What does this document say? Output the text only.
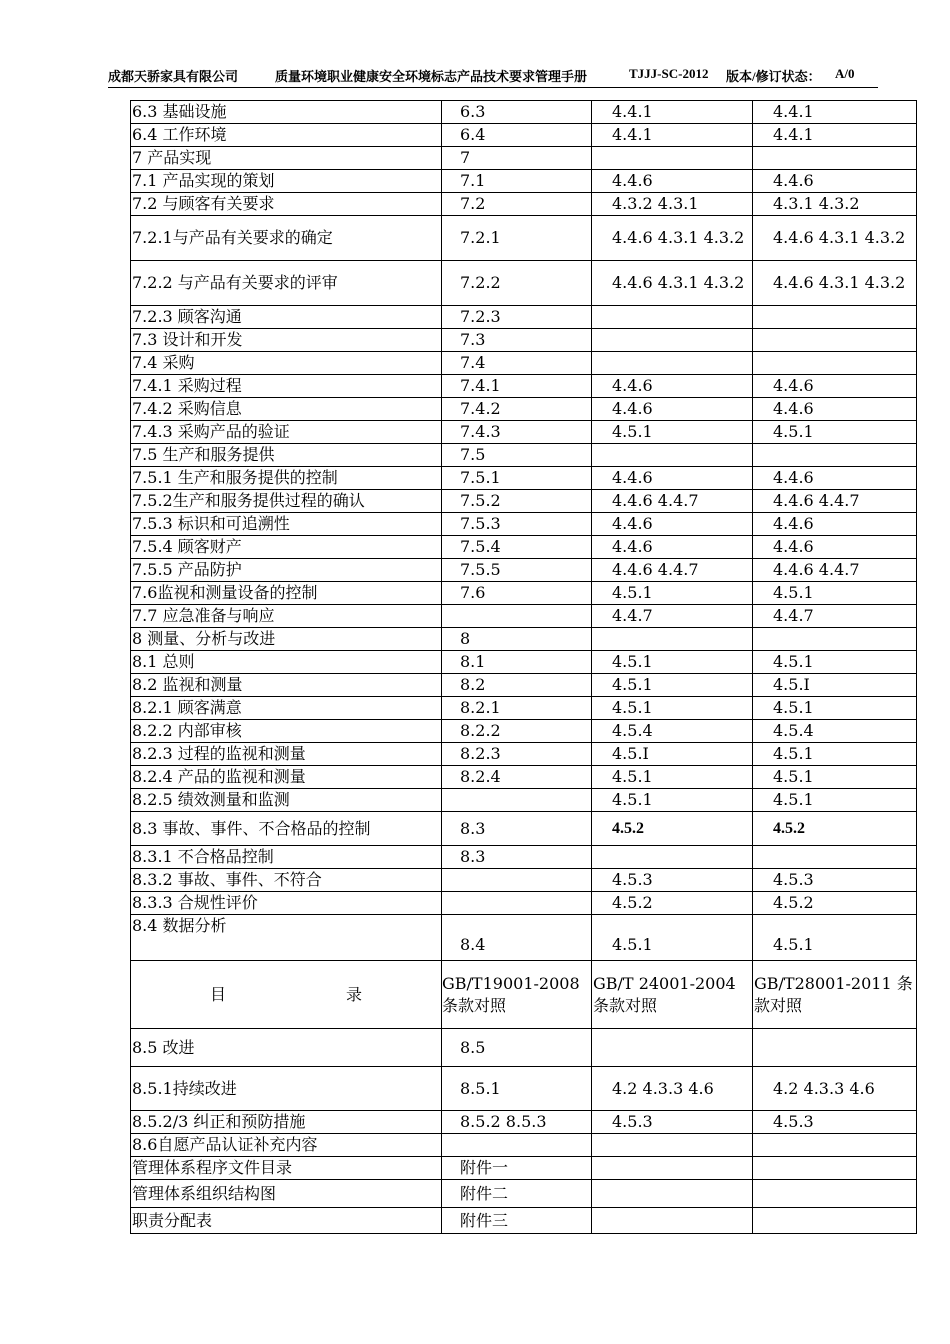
成都天骄家具有限公司	质量环境职业健康安全环境标志产品技术要求管理手册	TJJJ-SC-2012 版本/修订状态： A/0
6.3 基础设施	6.3	4.4.1	4.4.1
6.4 工作环境	6.4	4.4.1	4.4.1
7 产品实现	7		
7.1 产品实现的策划	7.1	4.4.6	4.4.6
7.2 与顾客有关要求	7.2	4.3.2 4.3.1	4.3.1 4.3.2
7.2.1与产品有关要求的确定	7.2.1	4.4.6 4.3.1 4.3.2	4.4.6 4.3.1 4.3.2
7.2.2 与产品有关要求的评审	7.2.2	4.4.6 4.3.1 4.3.2	4.4.6 4.3.1 4.3.2
7.2.3 顾客沟通	7.2.3		
7.3 设计和开发	7.3		
7.4 采购	7.4		
7.4.1 采购过程	7.4.1	4.4.6	4.4.6
7.4.2 采购信息	7.4.2	4.4.6	4.4.6
7.4.3 采购产品的验证	7.4.3	4.5.1	4.5.1
7.5 生产和服务提供	7.5		
7.5.1 生产和服务提供的控制	7.5.1	4.4.6	4.4.6
7.5.2生产和服务提供过程的确认	7.5.2	4.4.6 4.4.7	4.4.6 4.4.7
7.5.3 标识和可追溯性	7.5.3	4.4.6	4.4.6
7.5.4 顾客财产	7.5.4	4.4.6	4.4.6
7.5.5 产品防护	7.5.5	4.4.6 4.4.7	4.4.6 4.4.7
7.6监视和测量设备的控制	7.6	4.5.1	4.5.1
7.7 应急准备与响应		4.4.7	4.4.7
8 测量、分析与改进	8		
8.1 总则	8.1	4.5.1	4.5.1
8.2 监视和测量	8.2	4.5.1	4.5.I
8.2.1 顾客满意	8.2.1	4.5.1	4.5.1
8.2.2 内部审核	8.2.2	4.5.4	4.5.4
8.2.3 过程的监视和测量	8.2.3	4.5.I	4.5.1
8.2.4 产品的监视和测量	8.2.4	4.5.1	4.5.1
8.2.5 绩效测量和监测		4.5.1	4.5.1
8.3 事故、事件、不合格品的控制	8.3	4.5.2	4.5.2
8.3.1 不合格品控制	8.3		
8.3.2 事故、事件、不符合		4.5.3	4.5.3
8.3.3 合规性评价		4.5.2	4.5.2
8.4 数据分析	8.4	4.5.1	4.5.1
目 录	GB/T19001-2008 条款对照	GB/T 24001-2004 条款对照	GB/T28001-2011 条款对照
8.5 改进	8.5		
8.5.1持续改进	8.5.1	4.2 4.3.3 4.6	4.2 4.3.3 4.6
8.5.2/3 纠正和预防措施	8.5.2 8.5.3	4.5.3	4.5.3
8.6自愿产品认证补充内容			
管理体系程序文件目录	附件一		
管理体系组织结构图	附件二		
职责分配表	附件三		
